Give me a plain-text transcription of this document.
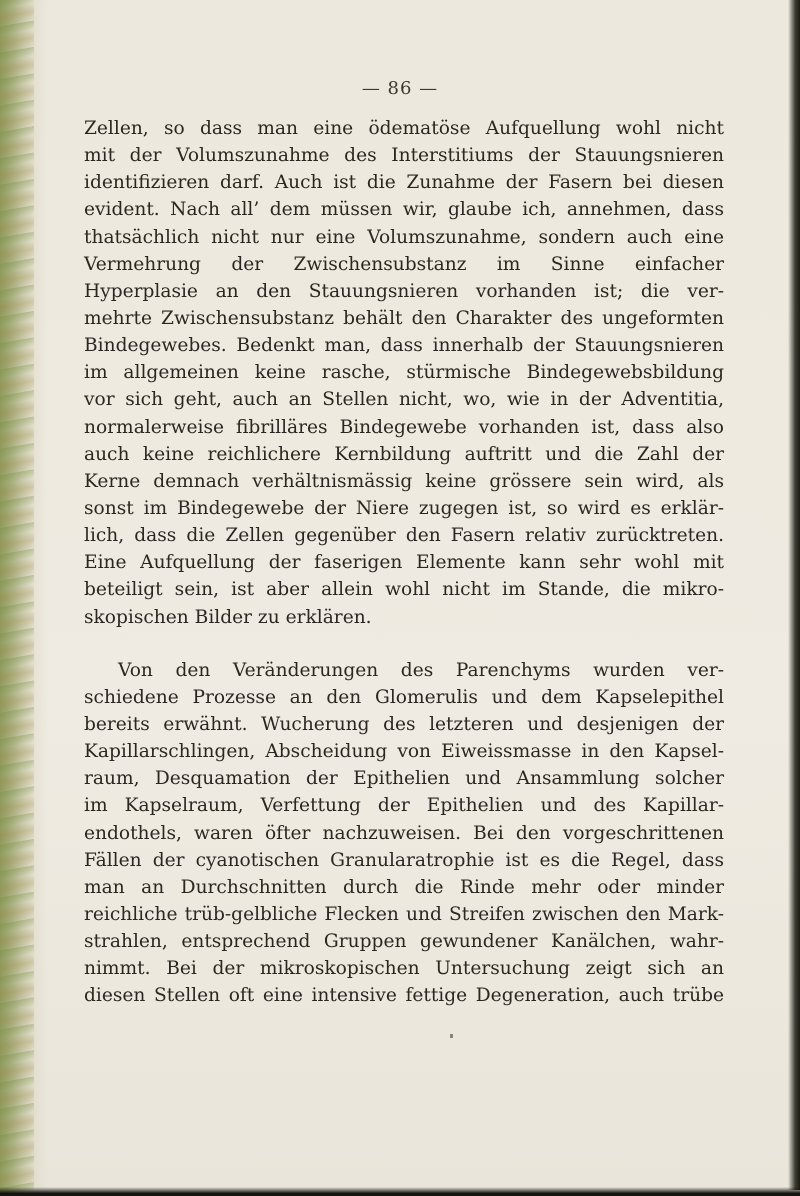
— 86 —
Zellen, so dass man eine ödematöse Aufquellung wohl nicht
mit der Volumszunahme des Interstitiums der Stauungsnieren
identifizieren darf. Auch ist die Zunahme der Fasern bei diesen
evident. Nach all’ dem müssen wir, glaube ich, annehmen, dass
thatsächlich nicht nur eine Volumszunahme, sondern auch eine
Vermehrung der Zwischensubstanz im Sinne einfacher
Hyperplasie an den Stauungsnieren vorhanden ist; die ver-
mehrte Zwischensubstanz behält den Charakter des ungeformten
Bindegewebes. Bedenkt man, dass innerhalb der Stauungsnieren
im allgemeinen keine rasche, stürmische Bindegewebsbildung
vor sich geht, auch an Stellen nicht, wo, wie in der Adventitia,
normalerweise fibrilläres Bindegewebe vorhanden ist, dass also
auch keine reichlichere Kernbildung auftritt und die Zahl der
Kerne demnach verhältnismässig keine grössere sein wird, als
sonst im Bindegewebe der Niere zugegen ist, so wird es erklär-
lich, dass die Zellen gegenüber den Fasern relativ zurücktreten.
Eine Aufquellung der faserigen Elemente kann sehr wohl mit
beteiligt sein, ist aber allein wohl nicht im Stande, die mikro-
skopischen Bilder zu erklären.
Von den Veränderungen des Parenchyms wurden ver-
schiedene Prozesse an den Glomerulis und dem Kapselepithel
bereits erwähnt. Wucherung des letzteren und desjenigen der
Kapillarschlingen, Abscheidung von Eiweissmasse in den Kapsel-
raum, Desquamation der Epithelien und Ansammlung solcher
im Kapselraum, Verfettung der Epithelien und des Kapillar-
endothels, waren öfter nachzuweisen. Bei den vorgeschrittenen
Fällen der cyanotischen Granularatrophie ist es die Regel, dass
man an Durchschnitten durch die Rinde mehr oder minder
reichliche trüb-gelbliche Flecken und Streifen zwischen den Mark-
strahlen, entsprechend Gruppen gewundener Kanälchen, wahr-
nimmt. Bei der mikroskopischen Untersuchung zeigt sich an
diesen Stellen oft eine intensive fettige Degeneration, auch trübe
